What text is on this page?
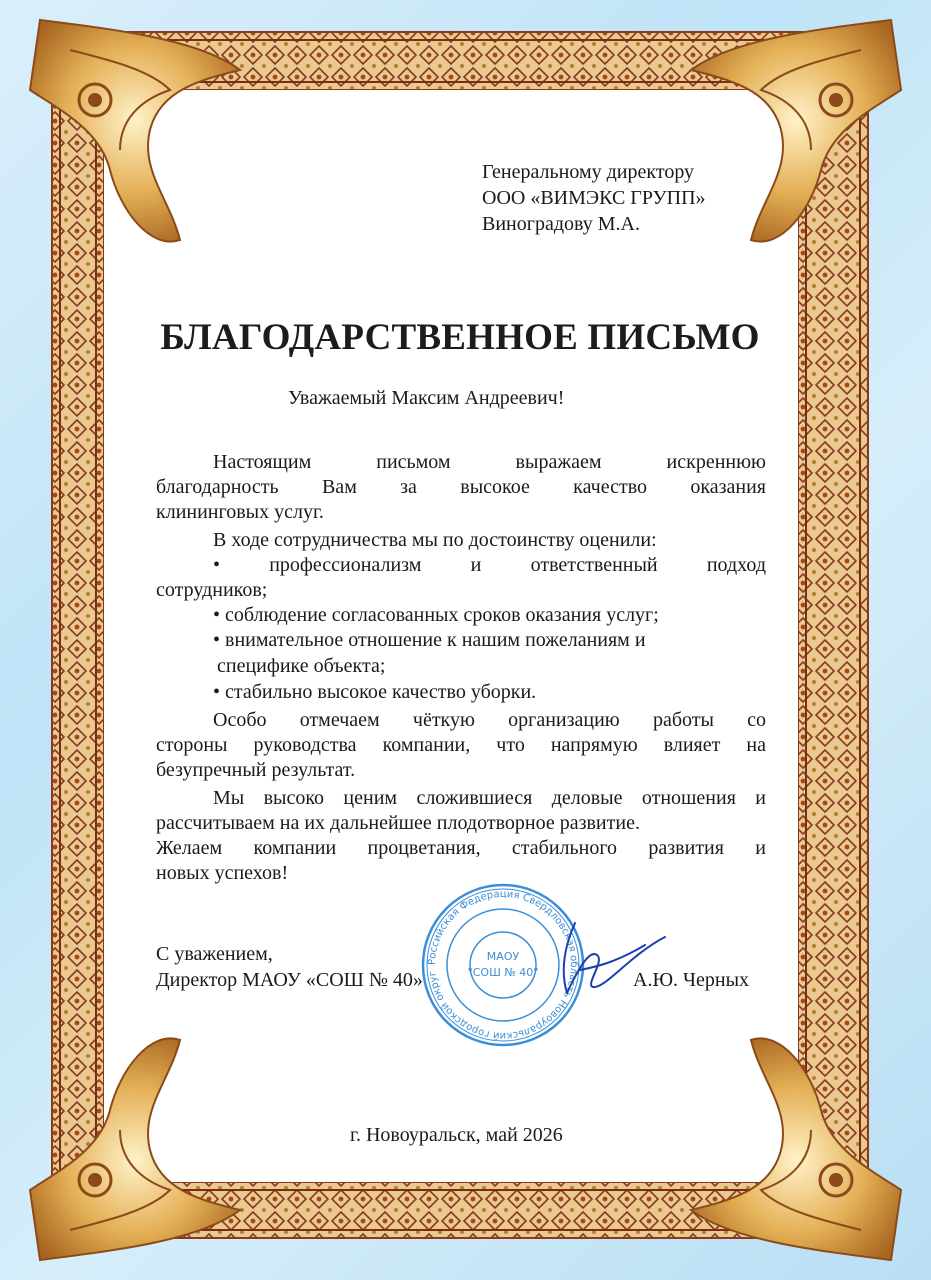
Генеральному директору
ООО «ВИМЭКС ГРУПП»
Виноградову М.А.
БЛАГОДАРСТВЕННОЕ ПИСЬМО
Уважаемый Максим Андреевич!
Настоящим письмом выражаем искреннюю
благодарность Вам за высокое качество оказания
клининговых услуг.
В ходе сотрудничества мы по достоинству оценили:
• профессионализм и ответственный подход
сотрудников;
• соблюдение согласованных сроков оказания услуг;
• внимательное отношение к нашим пожеланиям и
специфике объекта;
• стабильно высокое качество уборки.
Особо отмечаем чёткую организацию работы со
стороны руководства компании, что напрямую влияет на
безупречный результат.
Мы высоко ценим сложившиеся деловые отношения и
рассчитываем на их дальнейшее плодотворное развитие.
Желаем компании процветания, стабильного развития и
новых успехов!
Российская Федерация Свердловская область Новоуральский городской округ
МАОУ
"СОШ № 40"
С уважением,
Директор МАОУ «СОШ № 40»	А.Ю. Черных
г. Новоуральск, май 2026
